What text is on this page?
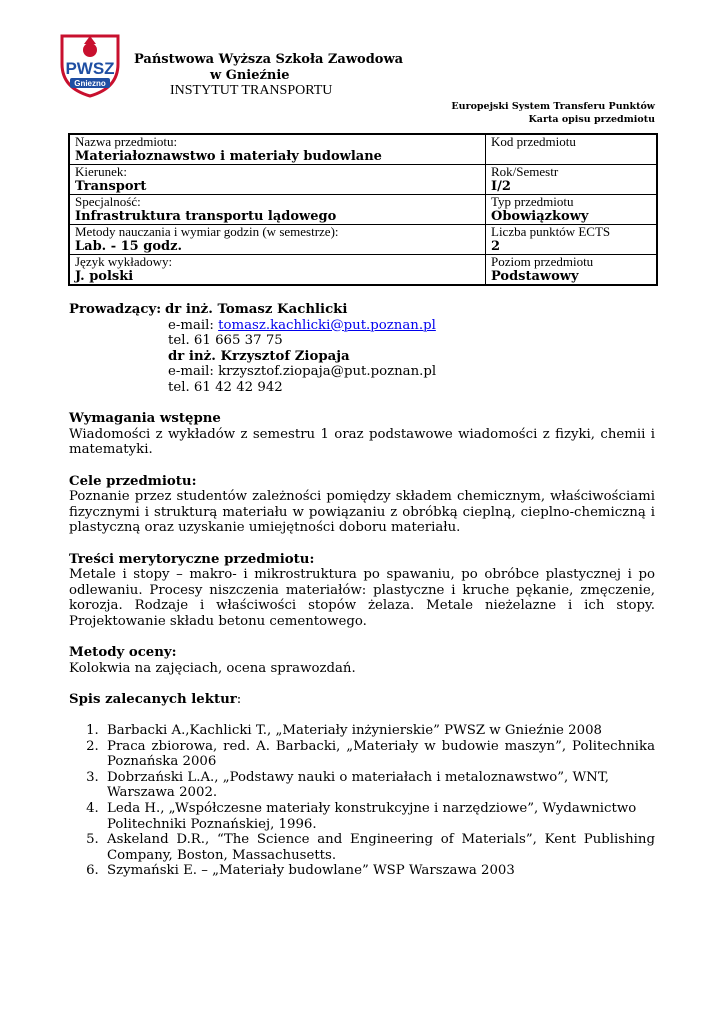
PWSZ
Gniezno
Państwowa Wyższa Szkoła Zawodowa
w Gnieźnie
INSTYTUT TRANSPORTU
Europejski System Transferu Punktów
Karta opisu przedmiotu
Nazwa przedmiotu:
Materiałoznawstwo i materiały budowlane	Kod przedmiotu

Kierunek:
Transport	Rok/Semestr
I/2

Specjalność:
Infrastruktura transportu lądowego	Typ przedmiotu
Obowiązkowy

Metody nauczania i wymiar godzin (w semestrze):
Lab. - 15 godz.	Liczba punktów ECTS
2

Język wykładowy:
J. polski	Poziom przedmiotu
Podstawowy
Prowadzący: dr inż. Tomasz Kachlicki
e-mail: tomasz.kachlicki@put.poznan.pl
tel. 61 665 37 75
dr inż. Krzysztof Ziopaja
e-mail: krzysztof.ziopaja@put.poznan.pl
tel. 61 42 42 942

Wymagania wstępne

Wiadomości z wykładów z semestru 1 oraz podstawowe wiadomości z fizyki, chemii i matematyki.

Cele przedmiotu:

Poznanie przez studentów zależności pomiędzy składem chemicznym, właściwościami fizycznymi i strukturą materiału w powiązaniu z obróbką cieplną, cieplno-chemiczną i plastyczną oraz uzyskanie umiejętności doboru materiału.

Treści merytoryczne przedmiotu:

Metale i stopy – makro- i mikrostruktura po spawaniu, po obróbce plastycznej i po odlewaniu. Procesy niszczenia materiałów: plastyczne i kruche pękanie, zmęczenie, korozja. Rodzaje i właściwości stopów żelaza. Metale nieżelazne i ich stopy. Projektowanie składu betonu cementowego.

Metody oceny:

Kolokwia na zajęciach, ocena sprawozdań.

Spis zalecanych lektur:

1. Barbacki A.,Kachlicki T., „Materiały inżynierskie” PWSZ w Gnieźnie 2008
2. Praca zbiorowa, red. A. Barbacki, „Materiały w budowie maszyn”, Politechnika Poznańska 2006
3. Dobrzański L.A., „Podstawy nauki o materiałach i metaloznawstwo”, WNT, Warszawa 2002.
4. Leda H., „Współczesne materiały konstrukcyjne i narzędziowe”, Wydawnictwo Politechniki Poznańskiej, 1996.
5. Askeland D.R., “The Science and Engineering of Materials”, Kent Publishing Company, Boston, Massachusetts.
6. Szymański E. – „Materiały budowlane” WSP Warszawa 2003
